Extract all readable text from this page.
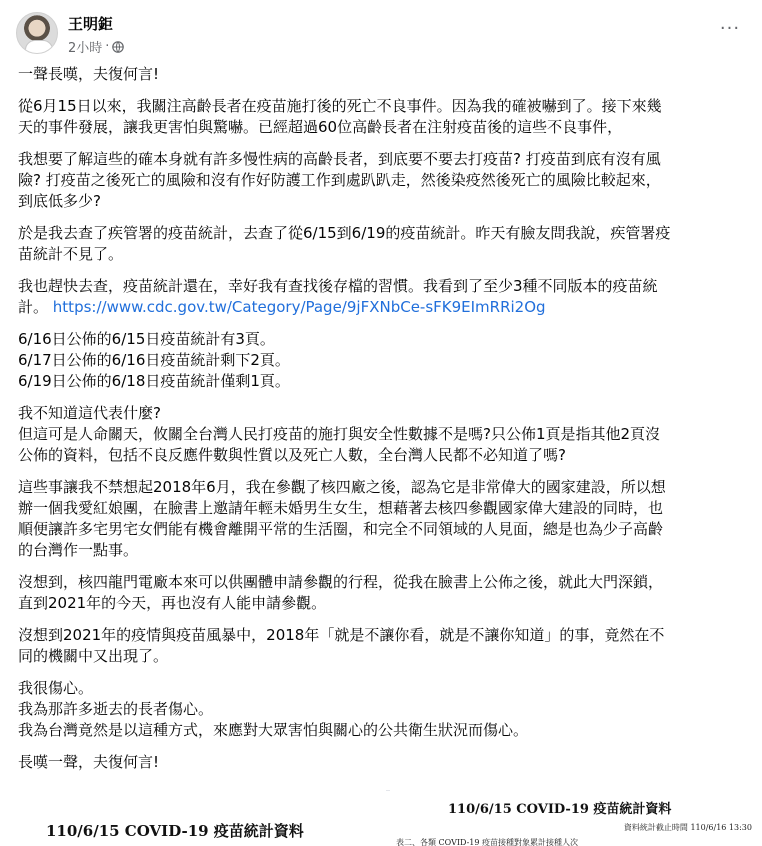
王明鉅
2小時 ·
···
一聲長嘆，夫復何言!
從6月15日以來，我關注高齡長者在疫苗施打後的死亡不良事件。因為我的確被嚇到了。接下來幾
天的事件發展，讓我更害怕與驚嚇。已經超過60位高齡長者在注射疫苗後的這些不良事件，
我想要了解這些的確本身就有許多慢性病的高齡長者，到底要不要去打疫苗? 打疫苗到底有沒有風
險? 打疫苗之後死亡的風險和沒有作好防護工作到處趴趴走，然後染疫然後死亡的風險比較起來，
到底低多少?
於是我去查了疾管署的疫苗統計，去查了從6/15到6/19的疫苗統計。昨天有臉友問我說，疾管署疫
苗統計不見了。
我也趕快去查，疫苗統計還在，幸好我有查找後存檔的習慣。我看到了至少3種不同版本的疫苗統
計。 https://www.cdc.gov.tw/Category/Page/9jFXNbCe-sFK9EImRRi2Og
6/16日公佈的6/15日疫苗統計有3頁。
6/17日公佈的6/16日疫苗統計剩下2頁。
6/19日公佈的6/18日疫苗統計僅剩1頁。
我不知道這代表什麼?
但這可是人命關天，攸關全台灣人民打疫苗的施打與安全性數據不是嗎?只公佈1頁是指其他2頁沒
公佈的資料，包括不良反應件數與性質以及死亡人數，全台灣人民都不必知道了嗎?
這些事讓我不禁想起2018年6月，我在參觀了核四廠之後，認為它是非常偉大的國家建設，所以想
辦一個我愛紅娘團，在臉書上邀請年輕未婚男生女生，想藉著去核四參觀國家偉大建設的同時，也
順便讓許多宅男宅女們能有機會離開平常的生活圈，和完全不同領域的人見面，總是也為少子高齡
的台灣作一點事。
沒想到，核四龍門電廠本來可以供團體申請參觀的行程，從我在臉書上公佈之後，就此大門深鎖，
直到2021年的今天，再也沒有人能申請參觀。
沒想到2021年的疫情與疫苗風暴中，2018年「就是不讓你看，就是不讓你知道」的事，竟然在不
同的機關中又出現了。
我很傷心。
我為那許多逝去的長者傷心。
我為台灣竟然是以這種方式，來應對大眾害怕與關心的公共衛生狀況而傷心。
長嘆一聲，夫復何言!
110/6/15 COVID-19 疫苗統計資料
110/6/15 COVID-19 疫苗統計資料
資料統計截止時間 110/6/16 13:30
表二、各類 COVID-19 疫苗接種對象累計接種人次
